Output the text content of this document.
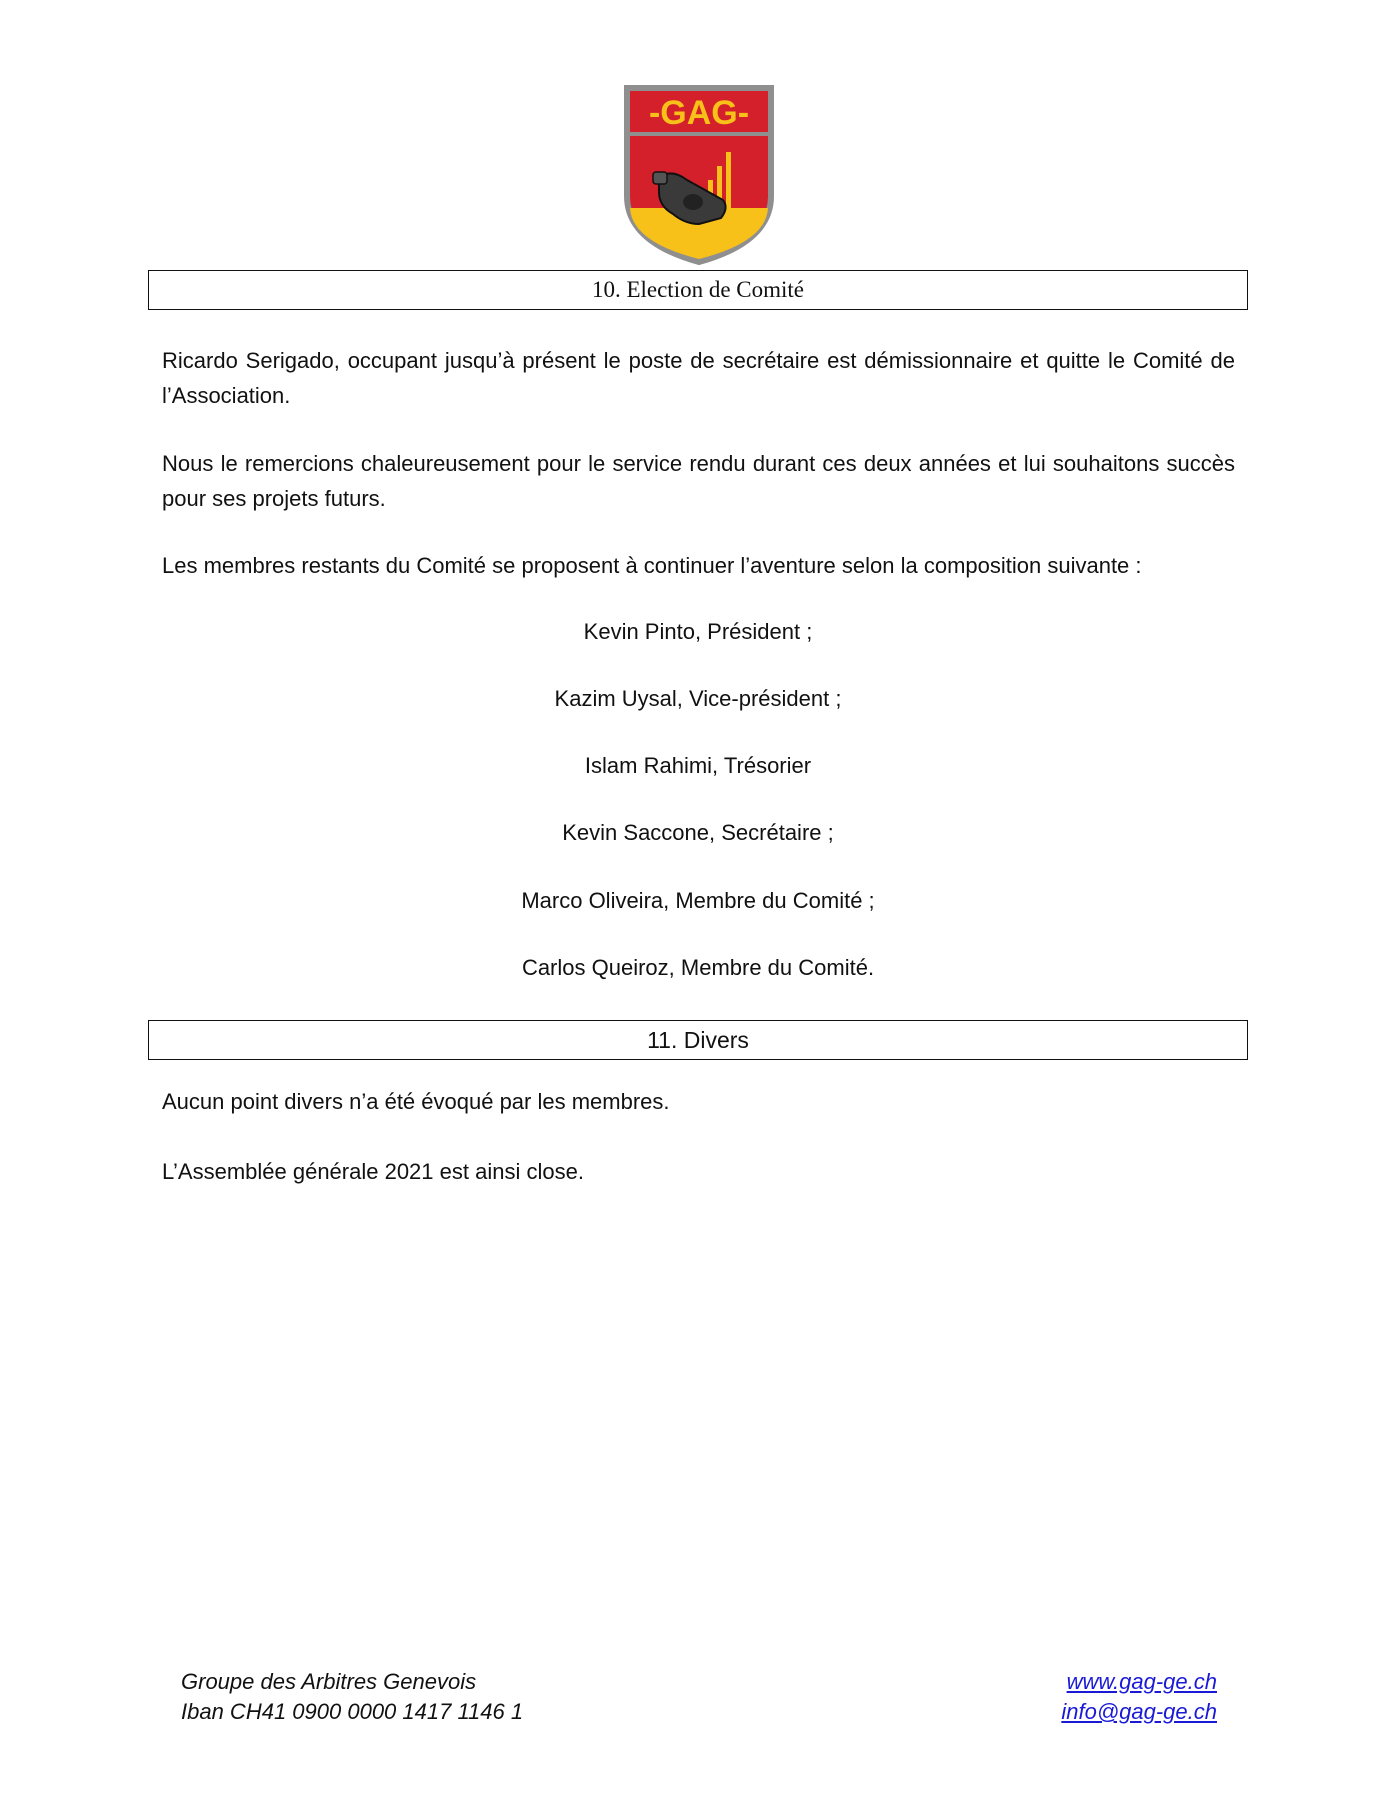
-GAG-
10. Election de Comité

Ricardo Serigado, occupant jusqu’à présent le poste de secrétaire est démissionnaire et quitte le Comité de l’Association.

Nous le remercions chaleureusement pour le service rendu durant ces deux années et lui souhaitons succès pour ses projets futurs.

Les membres restants du Comité se proposent à continuer l’aventure selon la composition suivante :

Kevin Pinto, Président ;
Kazim Uysal, Vice-président ;
Islam Rahimi, Trésorier
Kevin Saccone, Secrétaire ;
Marco Oliveira, Membre du Comité ;
Carlos Queiroz, Membre du Comité.
11. Divers

Aucun point divers n’a été évoqué par les membres.

L’Assemblée générale 2021 est ainsi close.

Groupe des Arbitres Genevois
Iban CH41 0900 0000 1417 1146 1
www.gag-ge.ch
info@gag-ge.ch
